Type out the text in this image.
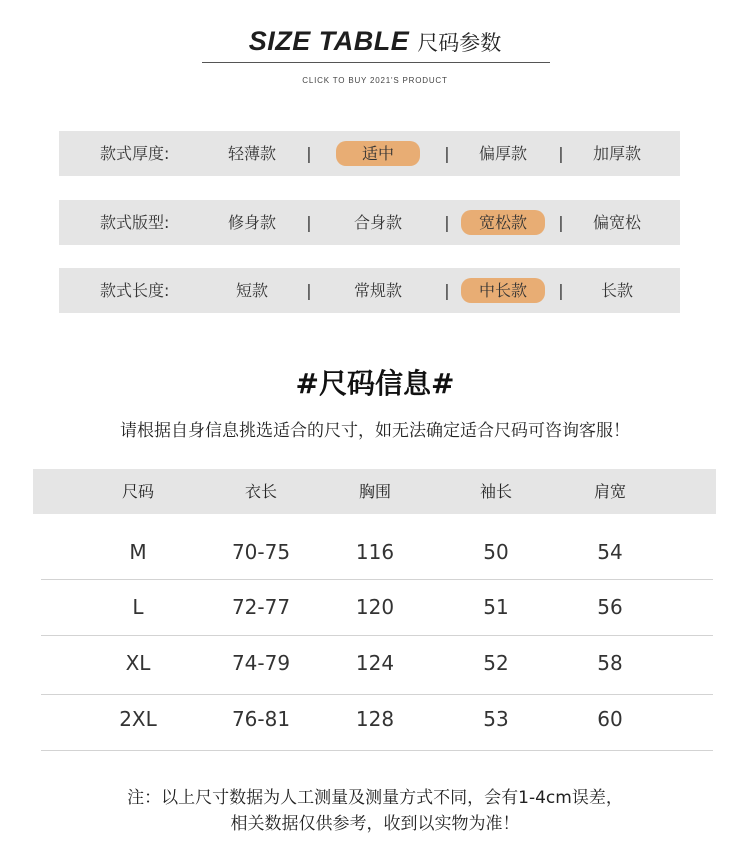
SIZE TABLE 尺码参数
CLICK TO BUY 2021'S PRODUCT
款式厚度:	轻薄款	适中	偏厚款	加厚款
|	|	|
款式版型:	修身款	合身款	宽松款	偏宽松
|	|	|
款式长度:	短款	常规款	中长款	长款
|	|	|
#尺码信息#
请根据自身信息挑选适合的尺寸，如无法确定适合尺码可咨询客服！
尺码	衣长	胸围	袖长	肩宽
M	70-75	116	50	54
L	72-77	120	51	56
XL	74-79	124	52	58
2XL	76-81	128	53	60
注：以上尺寸数据为人工测量及测量方式不同，会有1-4cm误差，
相关数据仅供参考，收到以实物为准！
